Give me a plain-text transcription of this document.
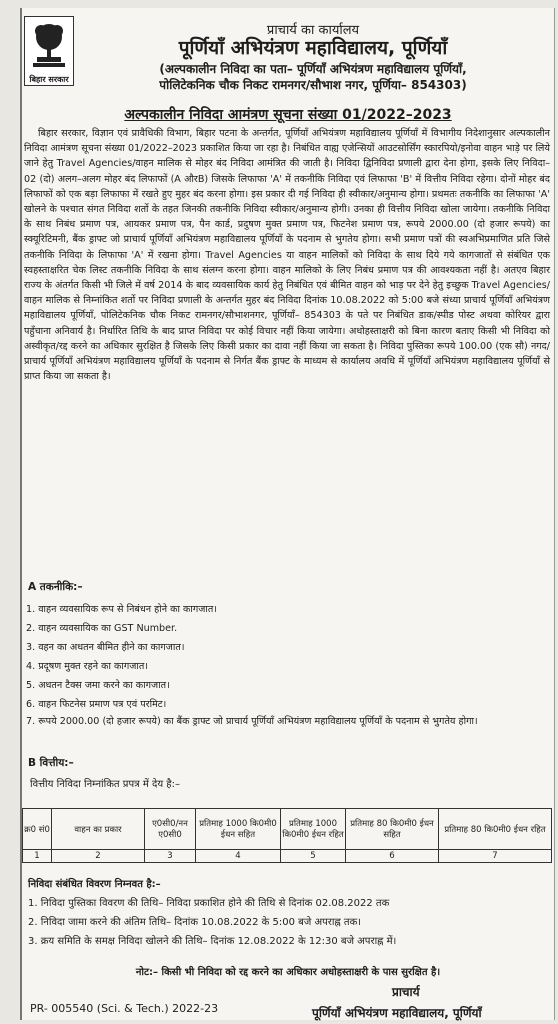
बिहार सरकार
प्राचार्य का कार्यालय
पूर्णियाँ अभियंत्रण महाविद्यालय, पूर्णियाँ
(अल्पकालीन निविदा का पता– पूर्णियाँ अभियंत्रण महाविद्यालय पूर्णियाँ,
पोलिटेकनिक चौक निकट रामनगर/सौभाश नगर, पूर्णिया– 854303)
अल्पकालीन निविदा आमंत्रण सूचना संख्या 01/2022–2023
बिहार सरकार, विज्ञान एवं प्रावैधिकी विभाग, बिहार पटना के अन्तर्गत, पूर्णियाँ अभियंत्रण महाविद्यालय पूर्णियाँ में विभागीय निदेशानुसार अल्पकालीन निविदा आमंत्रण सूचना संख्या 01/2022–2023 प्रकाशित किया जा रहा है। निबंधित वाह्य एजेन्सियों आउटसोर्सिंग स्कारपियो/इनोवा वाहन भाड़े पर लिये जाने हेतु Travel Agencies/वाहन मालिक से मोहर बंद निविदा आमंत्रित की जाती है। निविदा द्विनिविदा प्रणाली द्वारा देना होगा, इसके लिए निविदा– 02 (दो) अलग–अलग मोहर बंद लिफाफों (A औरB) जिसके लिफाफा 'A' में तकनीकि निविदा एवं लिफाफा 'B' में वित्तीय निविदा रहेगा। दोनों मोहर बंद लिफाफों को एक बड़ा लिफाफा में रखते हुए मुहर बंद करना होगा। इस प्रकार दी गई निविदा ही स्वीकार/अनुमान्य होगा। प्रथमतः तकनीकि का लिफाफा 'A' खोलने के पश्चात संगत निविदा शर्तो के तहत जिनकी तकनीकि निविदा स्वीकार/अनुमान्य होगी। उनका ही वित्तीय निविदा खोला जायेगा। तकनीकि निविदा के साथ निबंध प्रमाण पत्र, आयकर प्रमाण पत्र, पैन कार्ड, प्रदुषण मुक्त प्रमाण पत्र, फिटनेश प्रमाण पत्र, रूपये 2000.00 (दो हजार रूपये) का स्क्यूरिटिमनी, बैंक ड्राफ्ट जो प्राचार्य पूर्णियाँ अभियंत्रण महाविद्यालय पूर्णियाँ के पदनाम से भुगतेय होगा। सभी प्रमाण पत्रों की स्वअभिप्रमाणित प्रति जिसे तकनीकि निविदा के लिफाफा 'A' में रखना होगा। Travel Agencies या वाहन मालिकों को निविदा के साथ दिये गये कागजातों से संबंधित एक स्वहस्ताक्षरित चेक लिस्ट तकनीकि निविदा के साथ संलग्न करना होगा। वाहन मालिको के लिए निबंध प्रमाण पत्र की आवश्यकता नहीं है। अतएव बिहार राज्य के अंतर्गत किसी भी जिले में वर्ष 2014 के बाद व्यवसायिक कार्य हेतु निबंधित एवं बीमित वाहन को भाड़ पर देने हेतु इच्छुक Travel Agencies/वाहन मालिक से निम्नांकित शर्तो पर निविदा प्रणाली के अन्तर्गत मुहर बंद निविदा दिनांक 10.08.2022 को 5:00 बजे संध्या प्राचार्य पूर्णियाँ अभियंत्रण महाविद्यालय पूर्णियाँ, पोलिटेकनिक चौक निकट रामनगर/सौभाशनगर, पूर्णियाँ– 854303 के पते पर निबंधित डाक/स्पीड पोस्ट अथवा कोरियर द्वारा पहुँचाना अनिवार्य है। निर्धारित तिथि के बाद प्राप्त निविदा पर कोई विचार नहीं किया जायेगा। अधोहस्ताक्षरी को बिना कारण बताए किसी भी निविदा को अस्वीकृत/रद्द करने का अधिकार सुरक्षित है जिसके लिए किसी प्रकार का दावा नहीं किया जा सकता है। निविदा पुस्तिका रूपये 100.00 (एक सौ) नगद/प्राचार्य पूर्णियाँ अभियंत्रण महाविद्यालय पूर्णियाँ के पदनाम से निर्गत बैंक ड्राफ्ट के माध्यम से कार्यालय अवधि में पूर्णियाँ अभियंत्रण महाविद्यालय पूर्णियाँ से प्राप्त किया जा सकता है।
A तकनीकि:–
1. वाहन व्यवसायिक रूप से निबंधन होने का कागजात।
2. वाहन व्यवसायिक का GST Number.
3. वहन का अधतन बीमित हीने का कागजात।
4. प्रदूषण मुक्त रहने का कागजात।
5. अधतन टैक्स जमा करने का कागजात।
6. वाहन फिटनेस प्रमाण पत्र एवं परमिट।
7. रूपये 2000.00 (दो हजार रूपये) का बैंक ड्राफ्ट जो प्राचार्य पूर्णियाँ अभियंत्रण महाविद्यालय पूर्णियाँ के पदनाम से भुगतेय होगा।
B वित्तीय:–
वित्तीय निविदा निम्नांकित प्रपत्र में देय है:–
क्र0 सं0	वाहन का प्रकार	ए0सी0/नन ए0सी0	प्रतिमाह 1000 कि0मी0 ईधन सहित	प्रतिमाह 1000 कि0मी0 ईधन रहित	प्रतिमाह 80 कि0मी0 ईधन सहित	प्रतिमाह 80 कि0मी0 ईधन रहित
1	2	3	4	5	6	7
निविदा संबंधित विवरण निम्नवत है:–
1. निविदा पुस्तिका विवरण की तिथि– निविदा प्रकाशित होने की तिथि से दिनांक 02.08.2022 तक
2. निविदा जामा करने की अंतिम तिथि– दिनांक 10.08.2022 के 5:00 बजे अपराह्न तक।
3. क्रय समिति के समक्ष निविदा खोलने की तिथि– दिनांक 12.08.2022 के 12:30 बजे अपराह्न में।
नोट:– किसी भी निविदा को रद्द करने का अधिकार अधोहस्ताक्षरी के पास सुरक्षित है।
प्राचार्य
पूर्णियाँ अभियंत्रण महाविद्यालय, पूर्णियाँ
PR- 005540 (Sci. & Tech.) 2022-23
